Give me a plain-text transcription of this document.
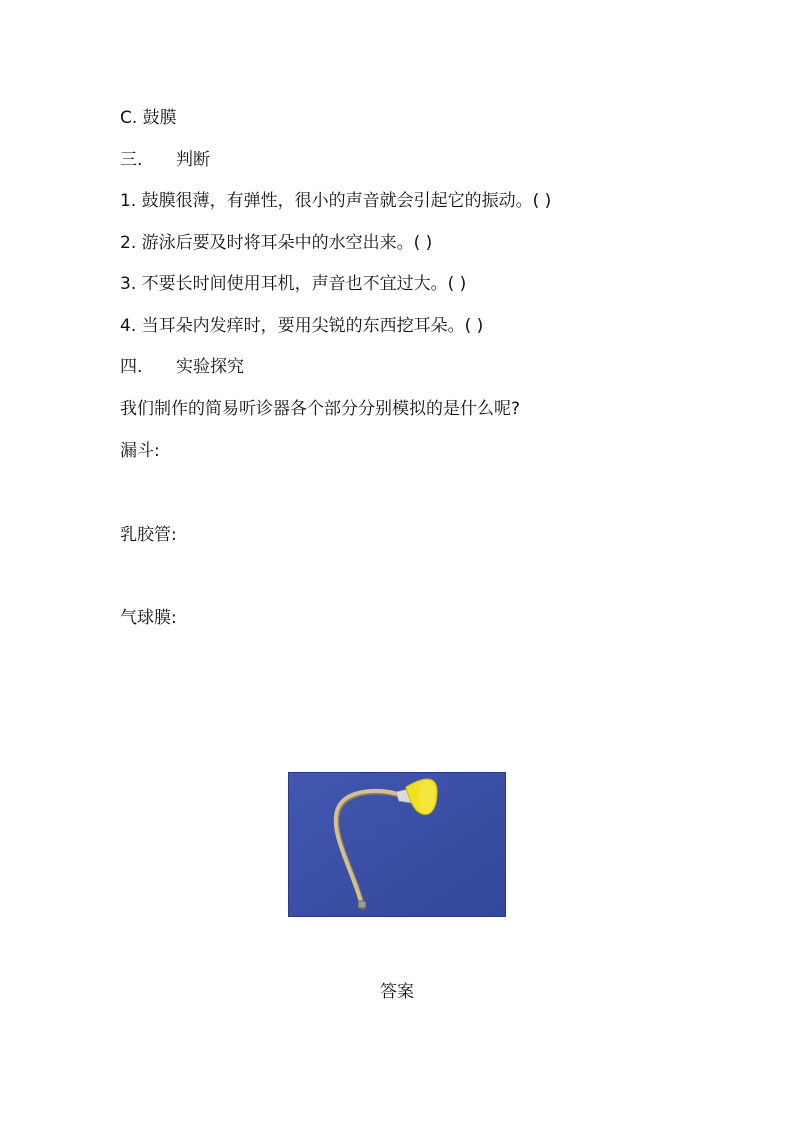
C. 鼓膜
三.	判断
1. 鼓膜很薄，有弹性，很小的声音就会引起它的振动。( )
2. 游泳后要及时将耳朵中的水空出来。( )
3. 不要长时间使用耳机，声音也不宜过大。( )
4. 当耳朵内发痒时，要用尖锐的东西挖耳朵。( )
四.	实验探究
我们制作的简易听诊器各个部分分别模拟的是什么呢?
漏斗:
乳胶管:
气球膜:
答案
